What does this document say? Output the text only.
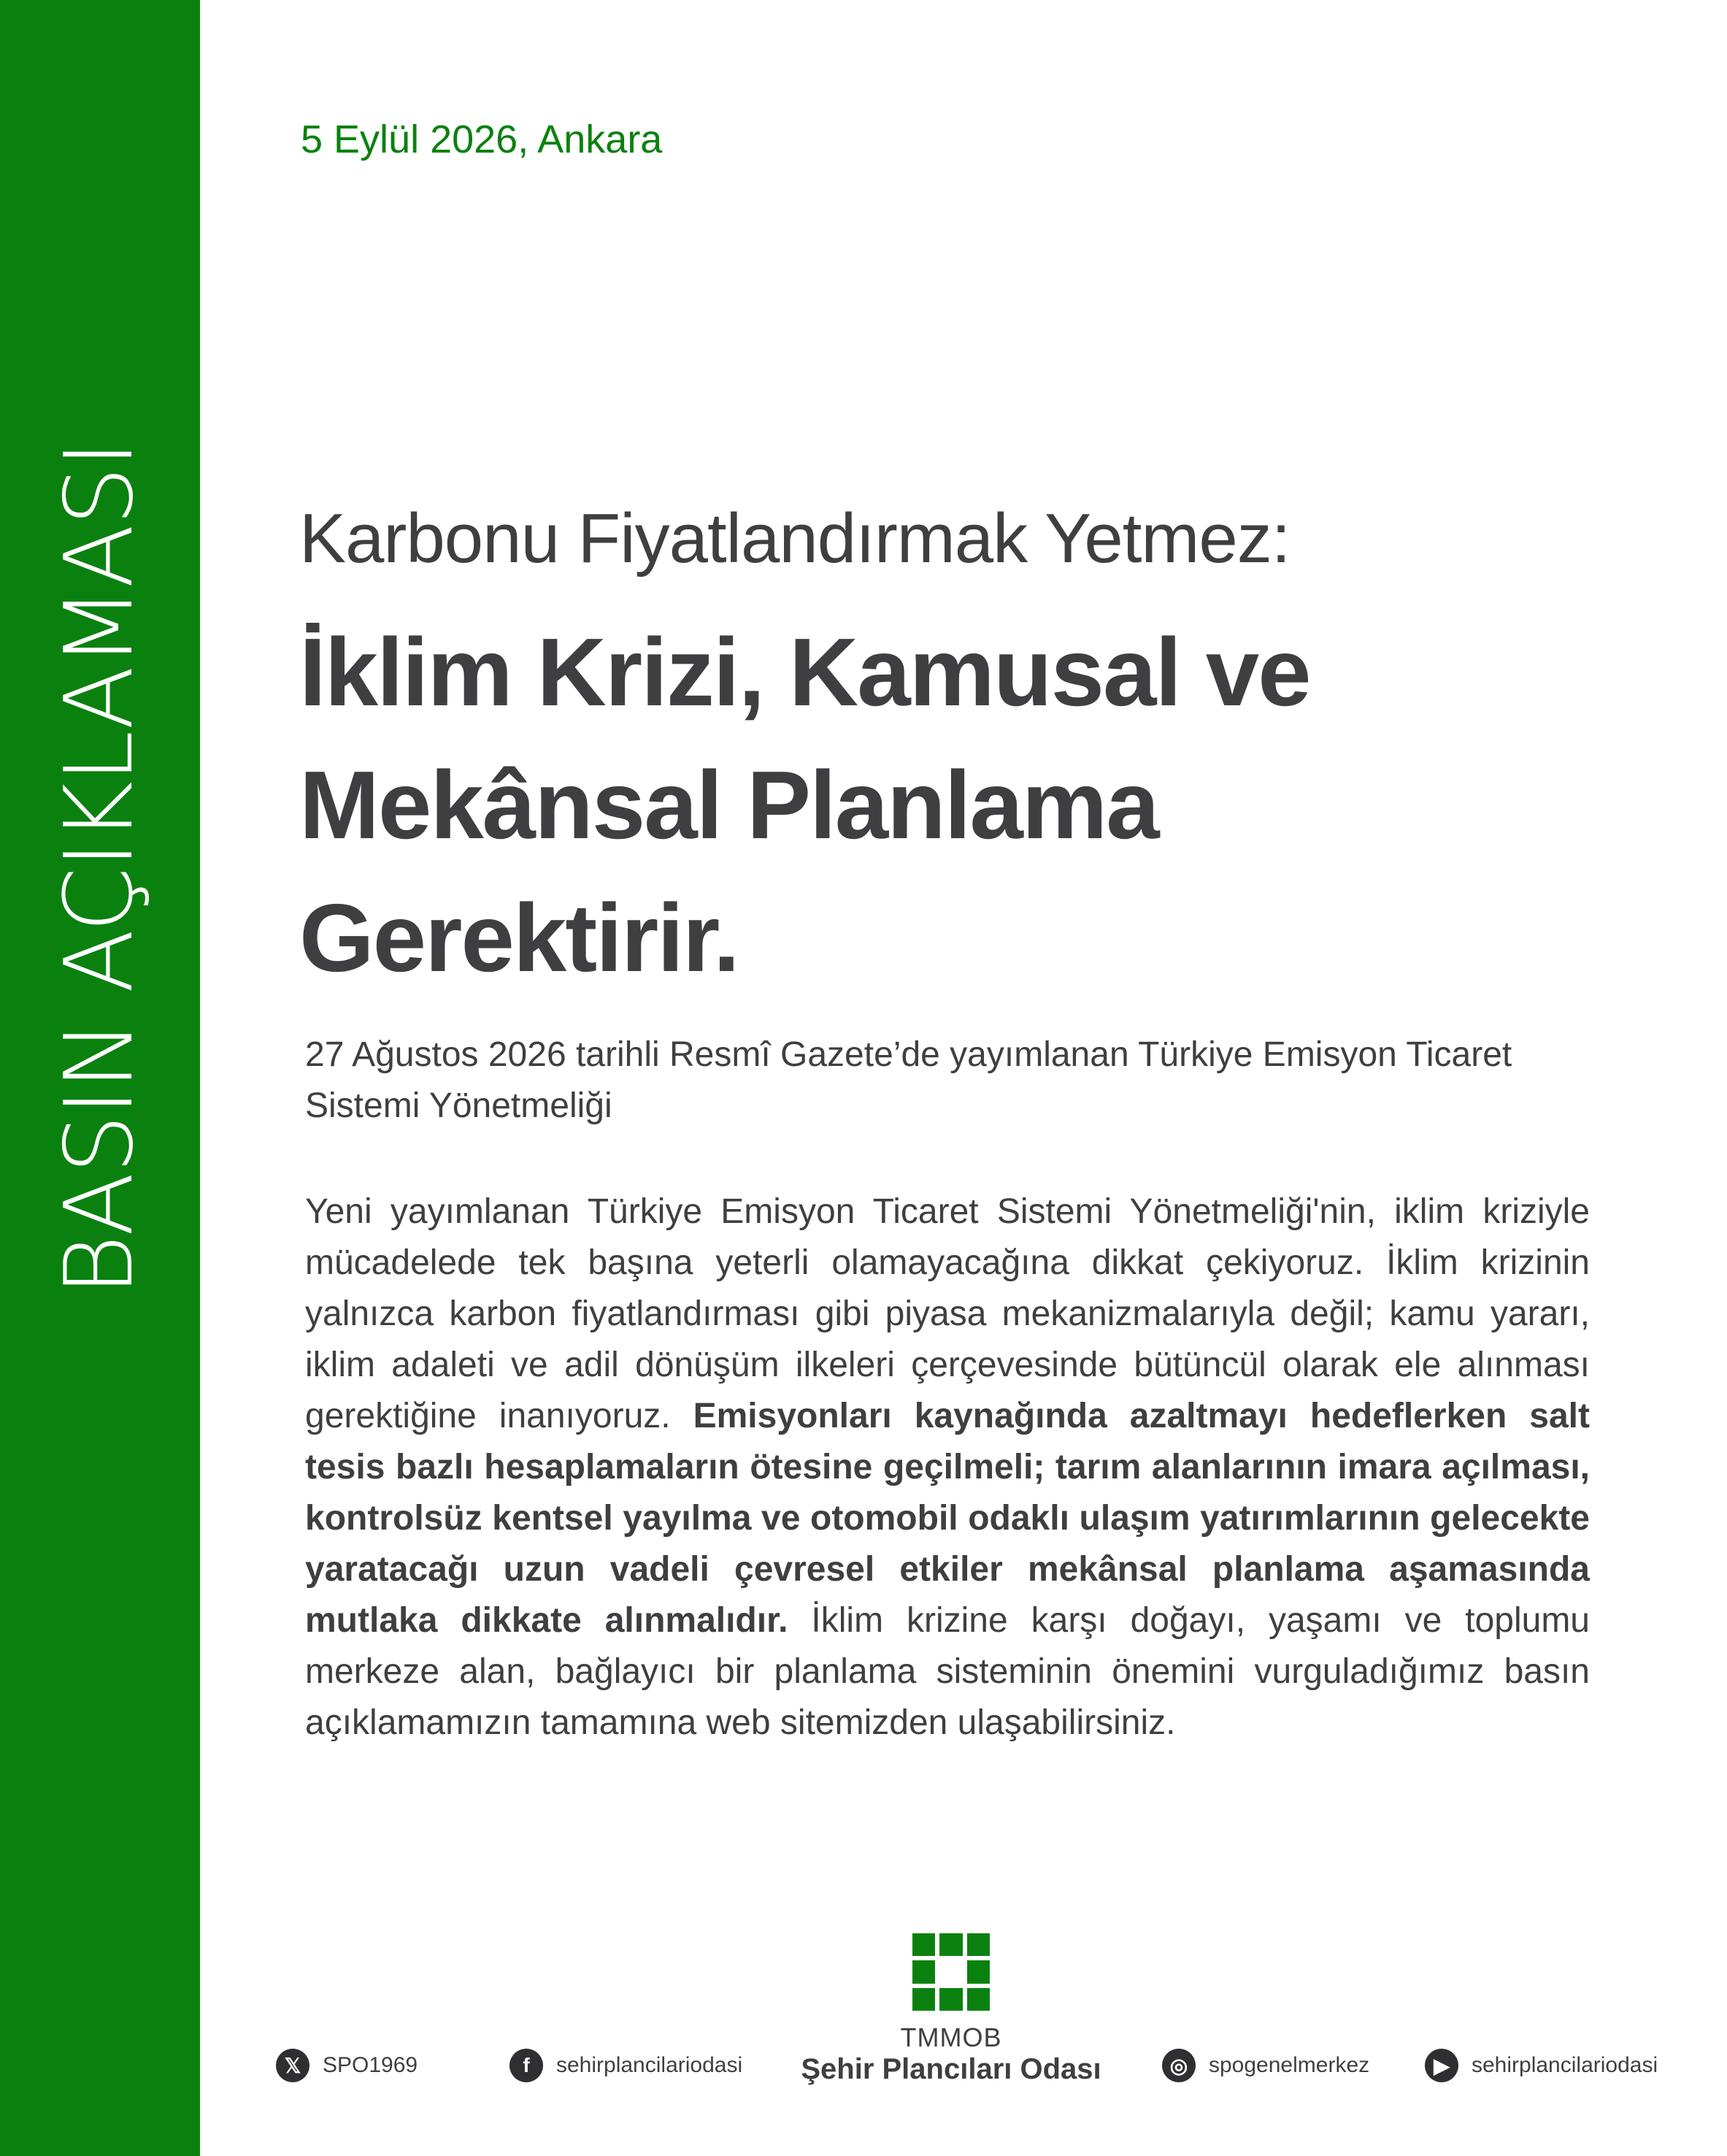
BASIN AÇIKLAMASI
5 Eylül 2026, Ankara
Karbonu Fiyatlandırmak Yetmez:
İklim Krizi, Kamusal ve
Mekânsal Planlama
Gerektirir.
27 Ağustos 2026 tarihli Resmî Gazete’de yayımlanan Türkiye Emisyon Ticaret Sistemi Yönetmeliği
Yeni yayımlanan Türkiye Emisyon Ticaret Sistemi Yönetmeliği'nin, iklim kriziyle mücadelede tek başına yeterli olamayacağına dikkat çekiyoruz. İklim krizinin yalnızca karbon fiyatlandırması gibi piyasa mekanizmalarıyla değil; kamu yararı, iklim adaleti ve adil dönüşüm ilkeleri çerçevesinde bütüncül olarak ele alınması gerektiğine inanıyoruz. Emisyonları kaynağında azaltmayı hedeflerken salt tesis bazlı hesaplamaların ötesine geçilmeli; tarım alanlarının imara açılması, kontrolsüz kentsel yayılma ve otomobil odaklı ulaşım yatırımlarının gelecekte yaratacağı uzun vadeli çevresel etkiler mekânsal planlama aşamasında mutlaka dikkate alınmalıdır. İklim krizine karşı doğayı, yaşamı ve toplumu merkeze alan, bağlayıcı bir planlama sisteminin önemini vurguladığımız basın açıklamamızın tamamına web sitemizden ulaşabilirsiniz.
TMMOB
Şehir Plancıları Odası
𝕏 SPO1969	f	sehirplancilariodasi	◎ spogenelmerkez	▶	sehirplancilariodasi
